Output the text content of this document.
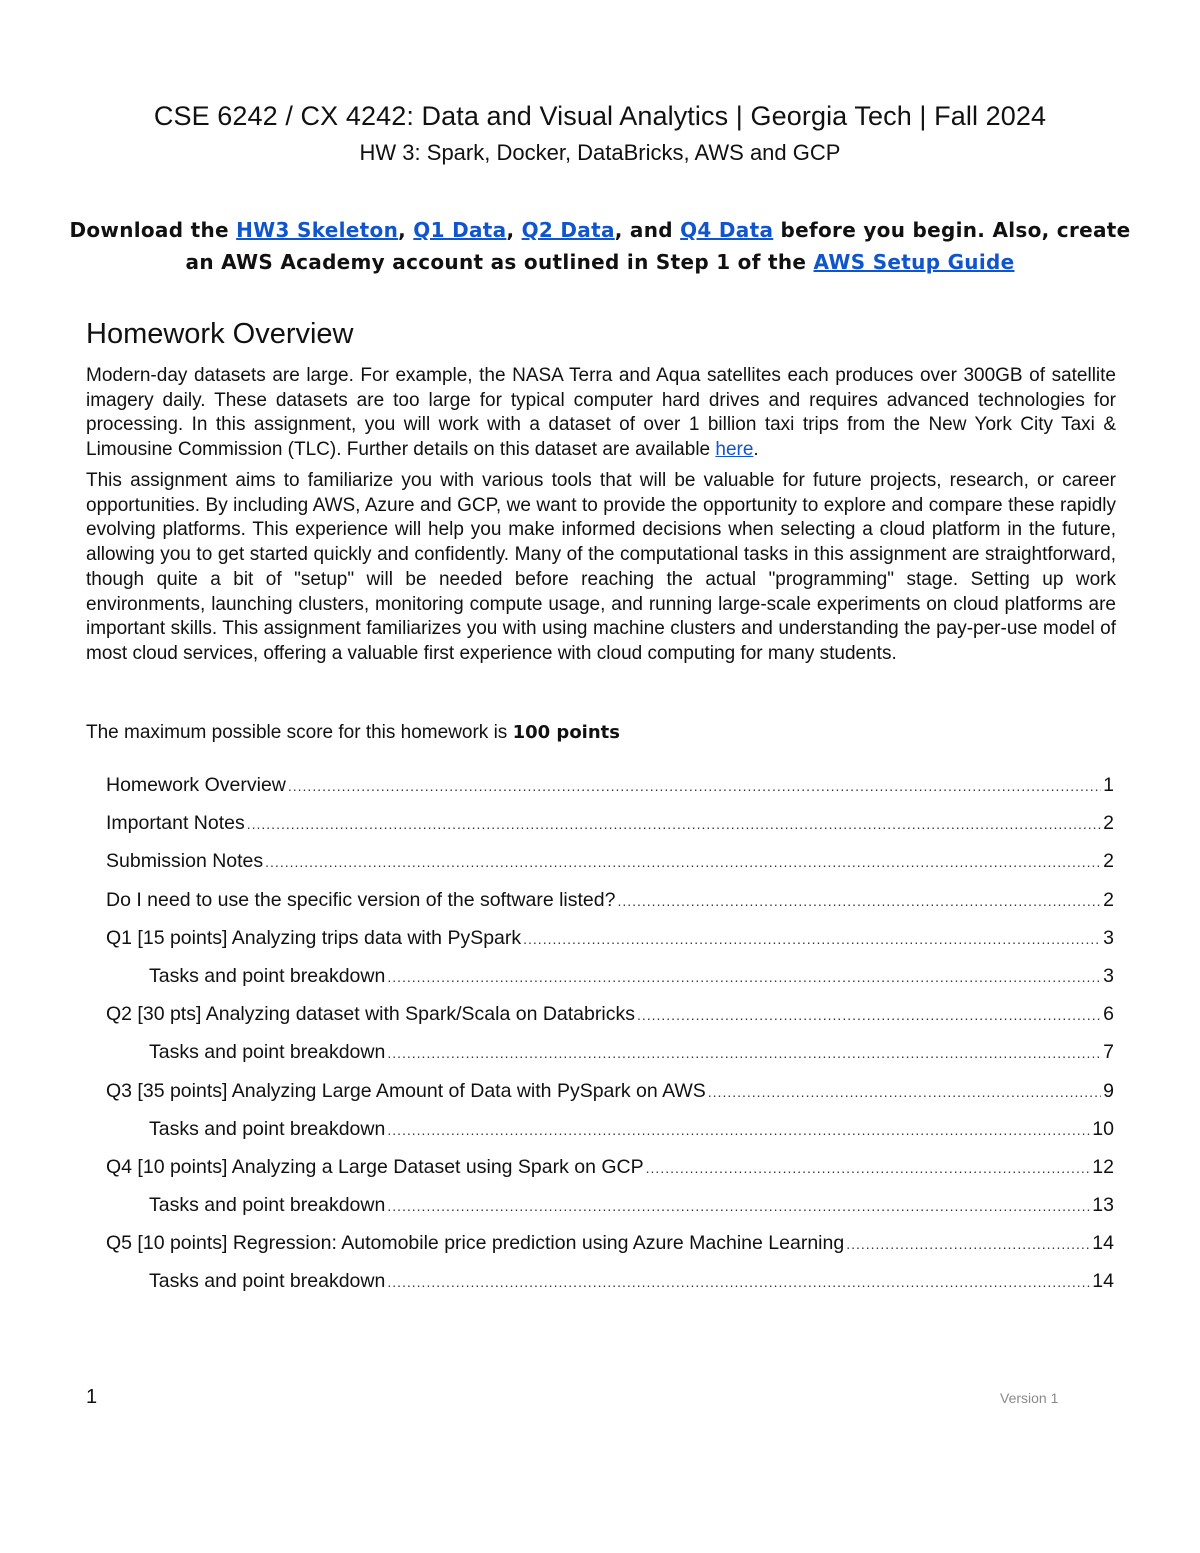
CSE 6242 / CX 4242: Data and Visual Analytics | Georgia Tech | Fall 2024
HW 3: Spark, Docker, DataBricks, AWS and GCP
Download the HW3 Skeleton, Q1 Data, Q2 Data, and Q4 Data before you begin. Also, create an AWS Academy account as outlined in Step 1 of the AWS Setup Guide
Homework Overview

Modern-day datasets are large. For example, the NASA Terra and Aqua satellites each produces over 300GB of satellite imagery daily. These datasets are too large for typical computer hard drives and requires advanced technologies for processing. In this assignment, you will work with a dataset of over 1 billion taxi trips from the New York City Taxi & Limousine Commission (TLC). Further details on this dataset are available here.

This assignment aims to familiarize you with various tools that will be valuable for future projects, research, or career opportunities. By including AWS, Azure and GCP, we want to provide the opportunity to explore and compare these rapidly evolving platforms. This experience will help you make informed decisions when selecting a cloud platform in the future, allowing you to get started quickly and confidently. Many of the computational tasks in this assignment are straightforward, though quite a bit of "setup" will be needed before reaching the actual "programming" stage. Setting up work environments, launching clusters, monitoring compute usage, and running large-scale experiments on cloud platforms are important skills. This assignment familiarizes you with using machine clusters and understanding the pay-per-use model of most cloud services, offering a valuable first experience with cloud computing for many students.

The maximum possible score for this homework is 100 points

Homework Overview .....	1
Important Notes .....	2
Submission Notes .....	2
Do I need to use the specific version of the software listed? .....	2
Q1 [15 points] Analyzing trips data with PySpark .....	3
Tasks and point breakdown .....	3
Q2 [30 pts] Analyzing dataset with Spark/Scala on Databricks .....	6
Tasks and point breakdown .....	7
Q3 [35 points] Analyzing Large Amount of Data with PySpark on AWS .....	9
Tasks and point breakdown .....	10
Q4 [10 points] Analyzing a Large Dataset using Spark on GCP .....	12
Tasks and point breakdown .....	13
Q5 [10 points] Regression: Automobile price prediction using Azure Machine Learning .....	14
Tasks and point breakdown .....	14
1	Version 1
